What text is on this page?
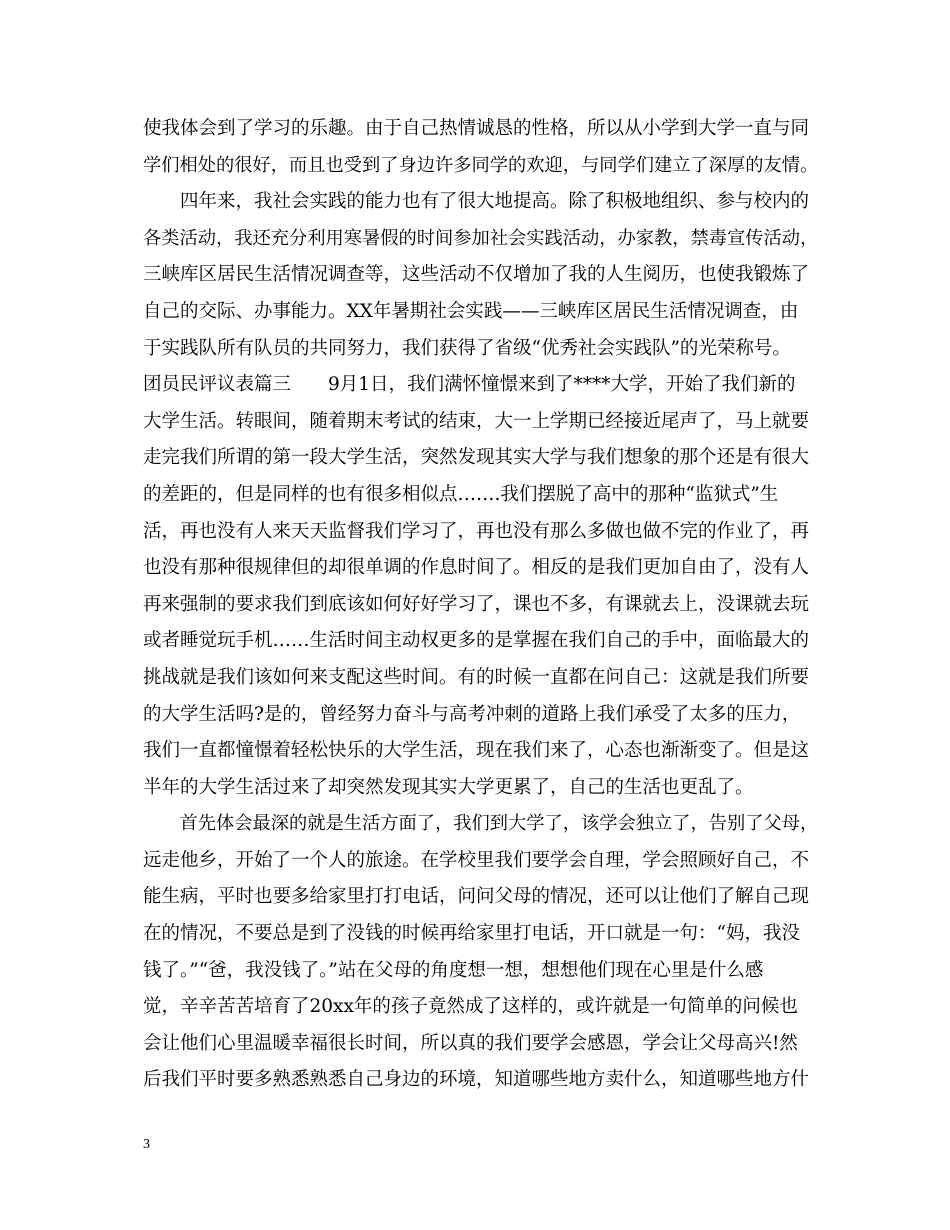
使我体会到了学习的乐趣。由于自己热情诚恳的性格，所以从小学到大学一直与同
学们相处的很好，而且也受到了身边许多同学的欢迎，与同学们建立了深厚的友情。
　　四年来，我社会实践的能力也有了很大地提高。除了积极地组织、参与校内的
各类活动，我还充分利用寒暑假的时间参加社会实践活动，办家教，禁毒宣传活动，
三峡库区居民生活情况调查等，这些活动不仅增加了我的人生阅历，也使我锻炼了
自己的交际、办事能力。XX年暑期社会实践——三峡库区居民生活情况调查，由
于实践队所有队员的共同努力，我们获得了省级“优秀社会实践队”的光荣称号。
团员民评议表篇三　　9月1日，我们满怀憧憬来到了****大学，开始了我们新的
大学生活。转眼间，随着期末考试的结束，大一上学期已经接近尾声了，马上就要
走完我们所谓的第一段大学生活，突然发现其实大学与我们想象的那个还是有很大
的差距的，但是同样的也有很多相似点…….我们摆脱了高中的那种“监狱式”生
活，再也没有人来天天监督我们学习了，再也没有那么多做也做不完的作业了，再
也没有那种很规律但的却很单调的作息时间了。相反的是我们更加自由了，没有人
再来强制的要求我们到底该如何好好学习了，课也不多，有课就去上，没课就去玩
或者睡觉玩手机……生活时间主动权更多的是掌握在我们自己的手中，面临最大的
挑战就是我们该如何来支配这些时间。有的时候一直都在问自己：这就是我们所要
的大学生活吗?是的，曾经努力奋斗与高考冲刺的道路上我们承受了太多的压力，
我们一直都憧憬着轻松快乐的大学生活，现在我们来了，心态也渐渐变了。但是这
半年的大学生活过来了却突然发现其实大学更累了，自己的生活也更乱了。
　　首先体会最深的就是生活方面了，我们到大学了，该学会独立了，告别了父母，
远走他乡，开始了一个人的旅途。在学校里我们要学会自理，学会照顾好自己，不
能生病，平时也要多给家里打打电话，问问父母的情况，还可以让他们了解自己现
在的情况，不要总是到了没钱的时候再给家里打电话，开口就是一句：“妈，我没
钱了。”“爸，我没钱了。”站在父母的角度想一想，想想他们现在心里是什么感
觉，辛辛苦苦培育了20xx年的孩子竟然成了这样的，或许就是一句简单的问候也
会让他们心里温暖幸福很长时间，所以真的我们要学会感恩，学会让父母高兴!然
后我们平时要多熟悉熟悉自己身边的环境，知道哪些地方卖什么，知道哪些地方什
3
